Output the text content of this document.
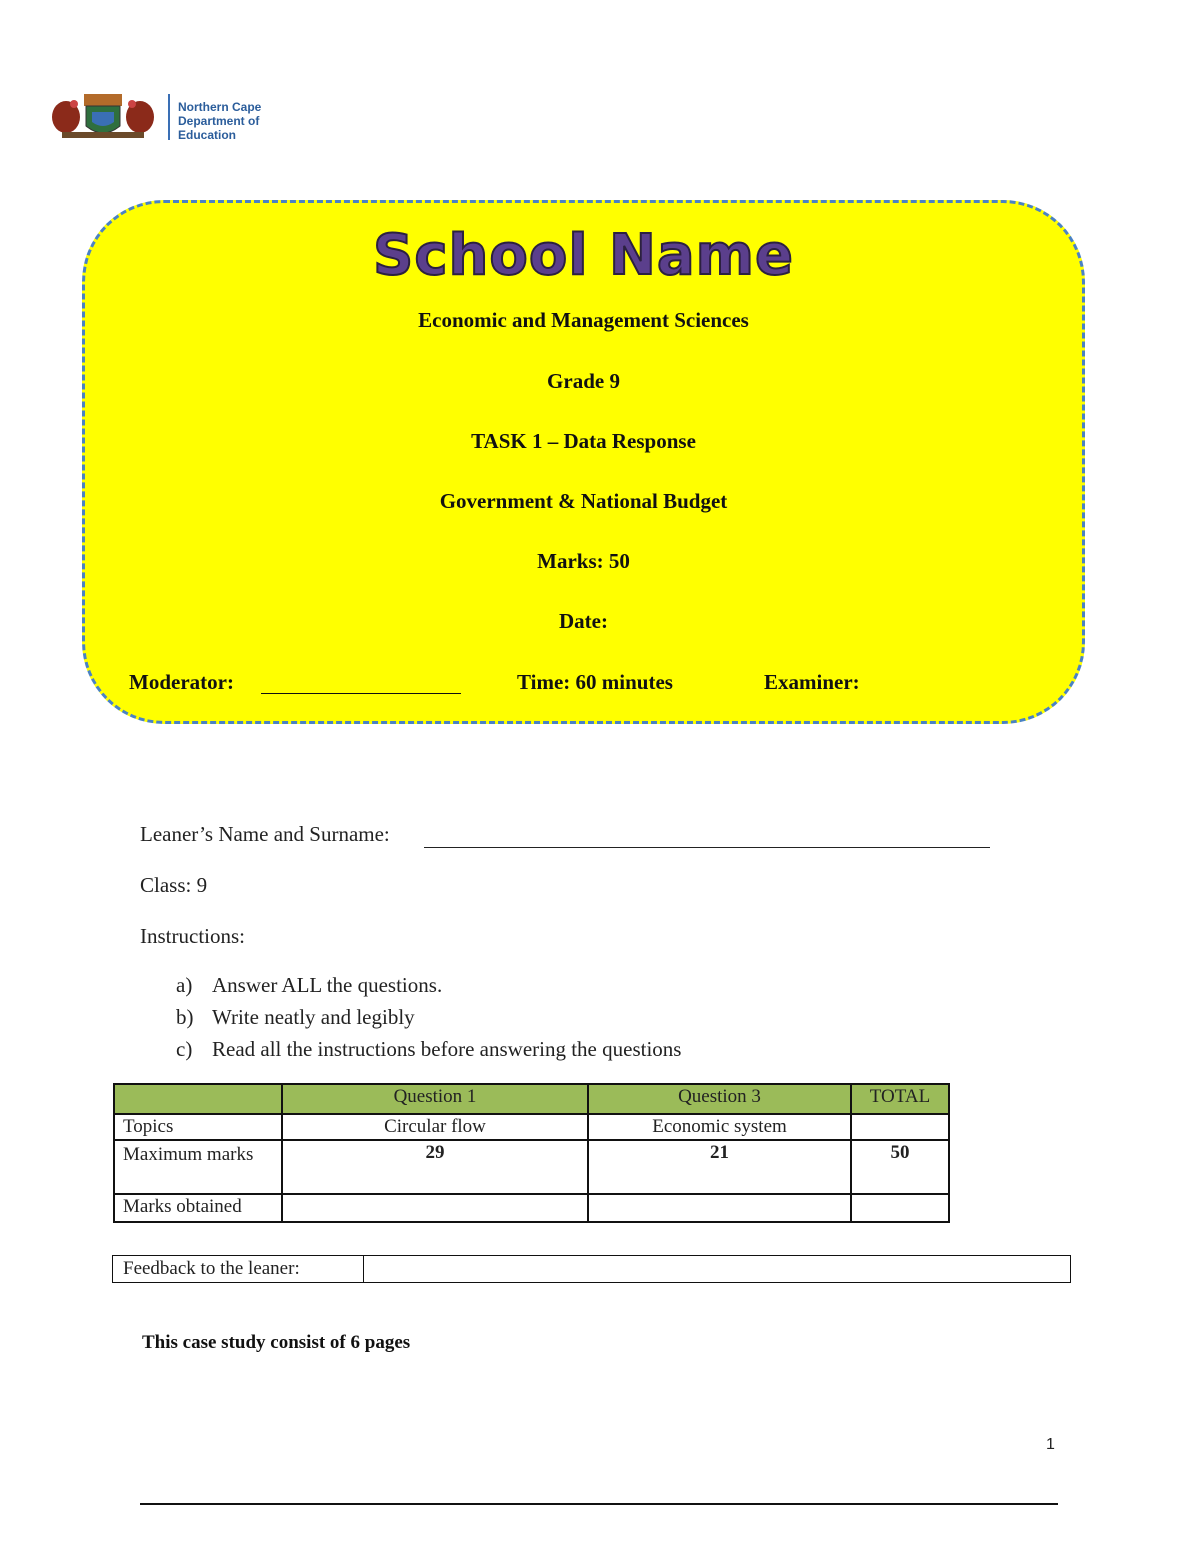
Northern Cape
Department of Education
School Name
Economic and Management Sciences
Grade 9
TASK 1 – Data Response
Government & National Budget
Marks: 50
Date:
Moderator:	Time: 60 minutes	Examiner:
Leaner’s Name and Surname:
Class: 9
Instructions:
a) Answer ALL the questions.
b) Write neatly and legibly
c) Read all the instructions before answering the questions
	Question 1	Question 3	TOTAL
Topics	Circular flow	Economic system	
Maximum marks	29	21	50
Marks obtained			
Feedback to the leaner:	
This case study consist of 6 pages
1
